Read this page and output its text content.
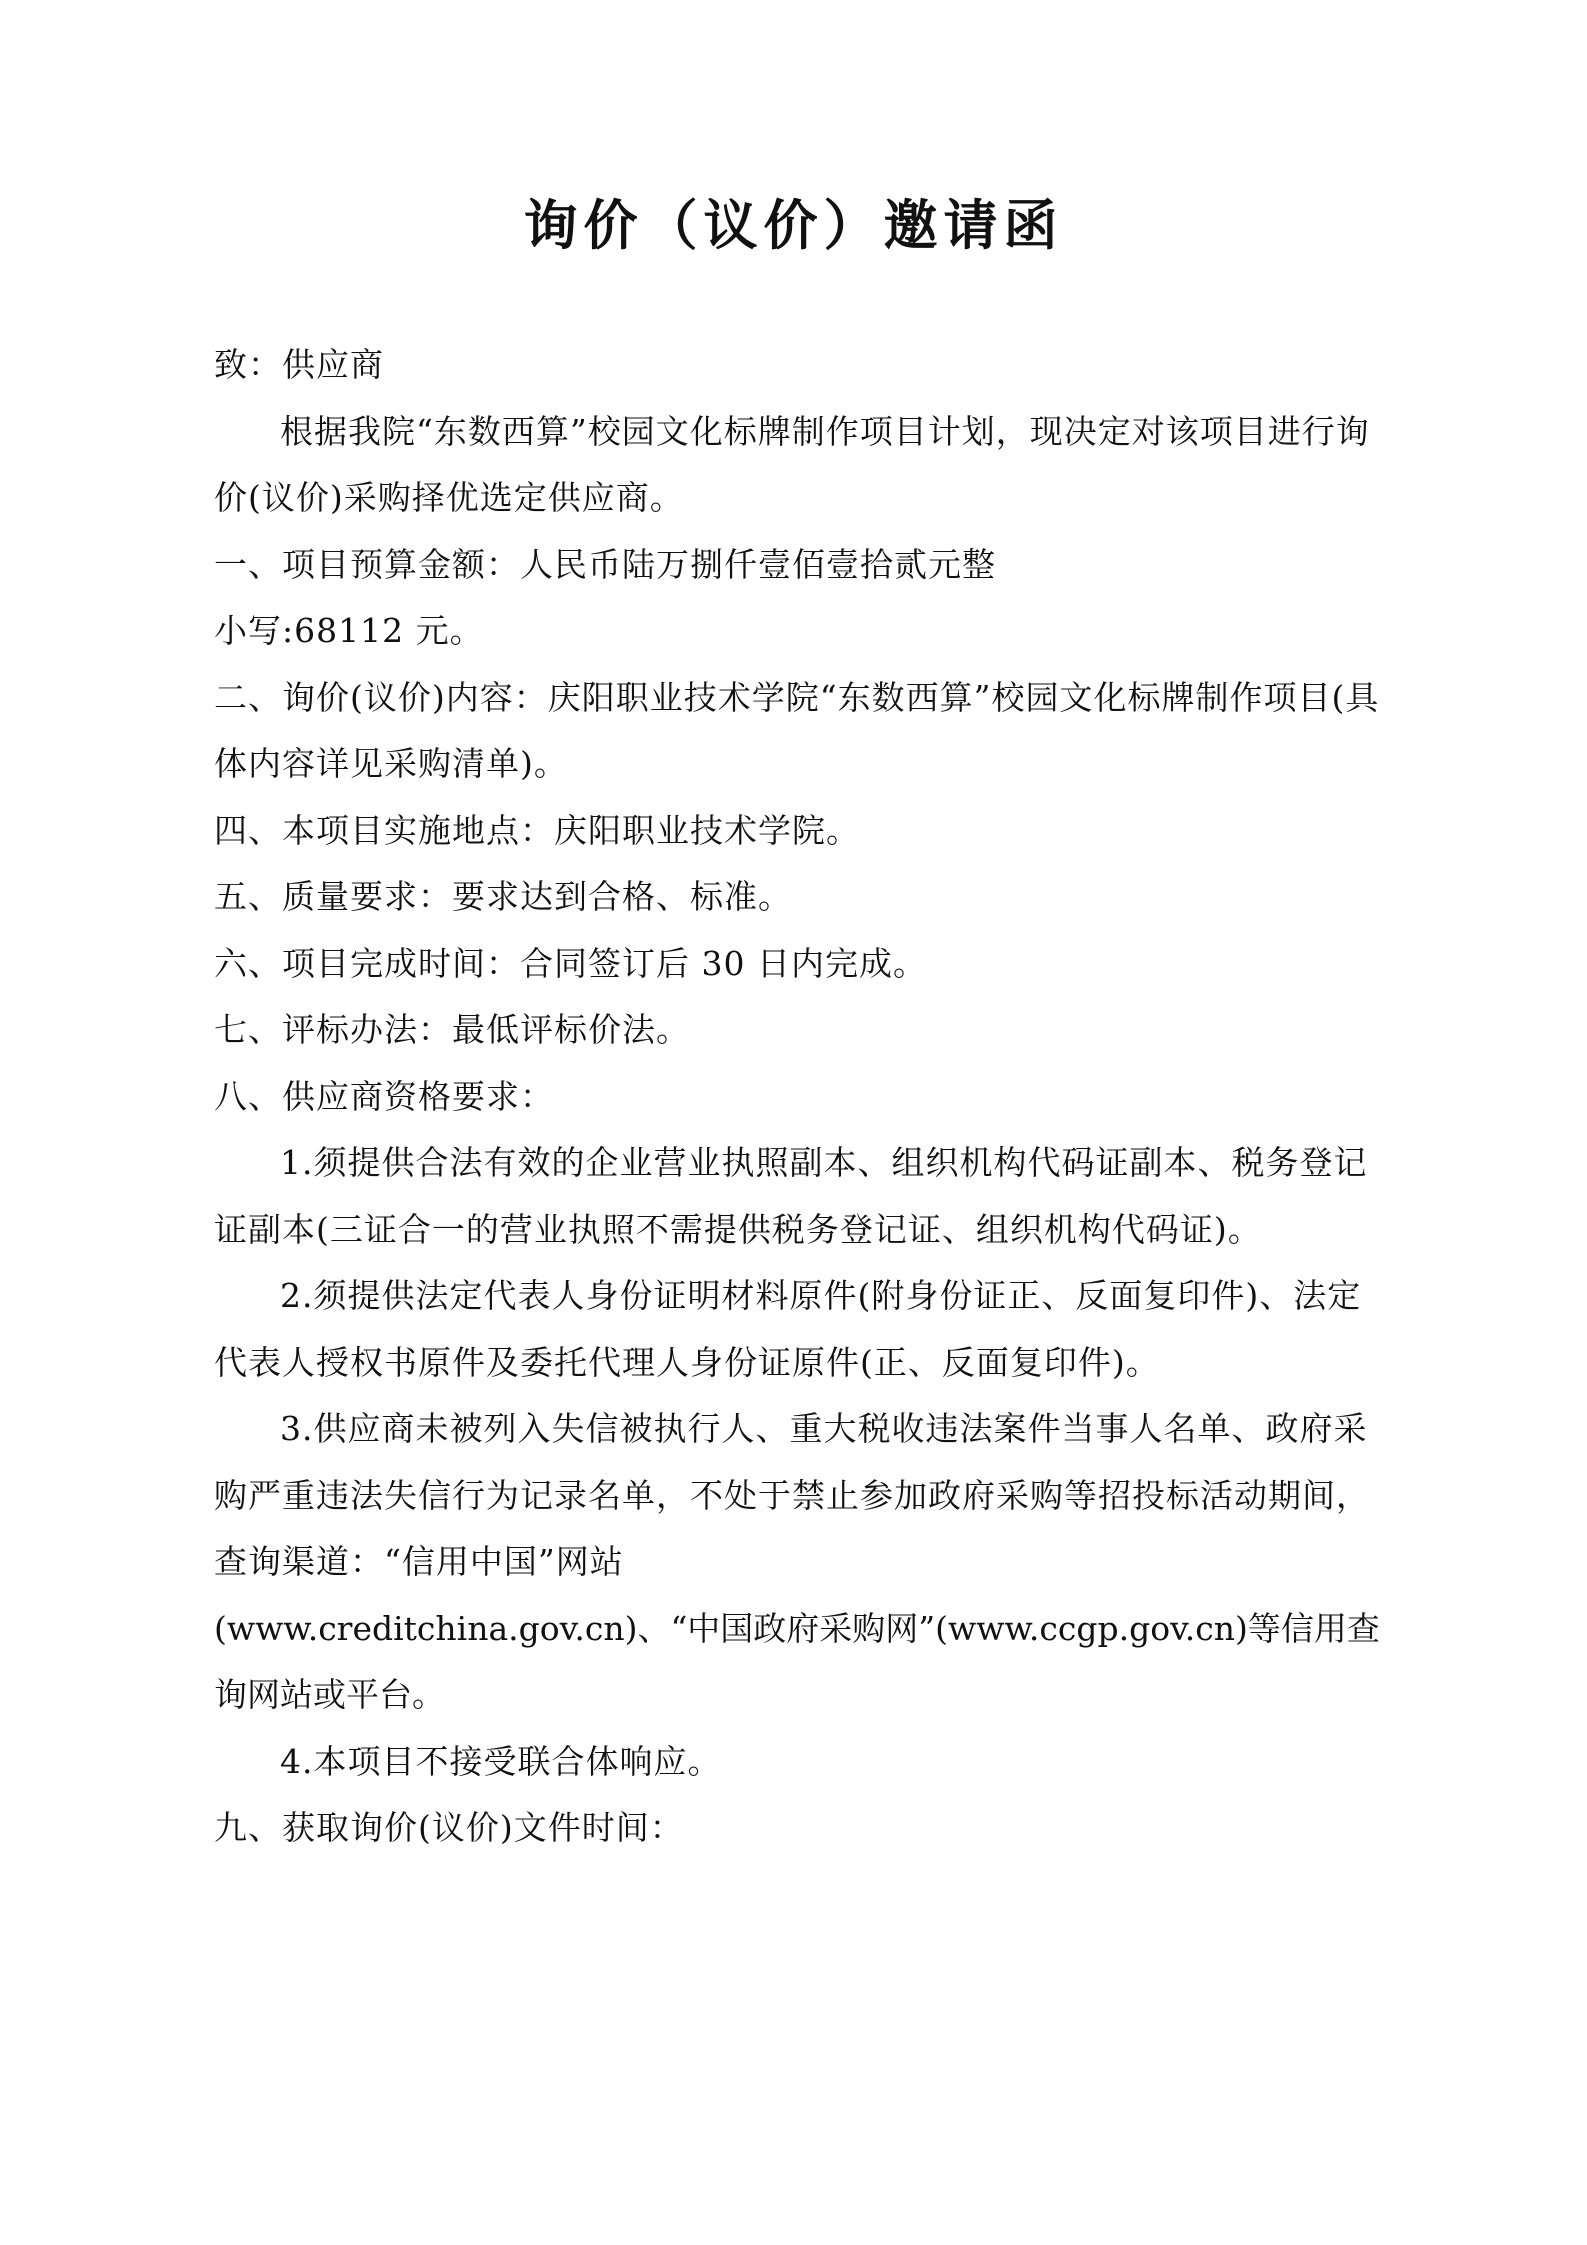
询价（议价）邀请函

致：供应商

根据我院“东数西算”校园文化标牌制作项目计划，现决定对该项目进行询价(议价)采购择优选定供应商。

一、项目预算金额：人民币陆万捌仟壹佰壹拾贰元整

小写:68112 元。

二、询价(议价)内容：庆阳职业技术学院“东数西算”校园文化标牌制作项目(具体内容详见采购清单)。

四、本项目实施地点：庆阳职业技术学院。

五、质量要求：要求达到合格、标准。

六、项目完成时间：合同签订后 30 日内完成。

七、评标办法：最低评标价法。

八、供应商资格要求：

1.须提供合法有效的企业营业执照副本、组织机构代码证副本、税务登记证副本(三证合一的营业执照不需提供税务登记证、组织机构代码证)。

2.须提供法定代表人身份证明材料原件(附身份证正、反面复印件)、法定代表人授权书原件及委托代理人身份证原件(正、反面复印件)。

3.供应商未被列入失信被执行人、重大税收违法案件当事人名单、政府采购严重违法失信行为记录名单，不处于禁止参加政府采购等招投标活动期间，查询渠道：“信用中国”网站

(www.creditchina.gov.cn)、“中国政府采购网”(www.ccgp.gov.cn)等信用查询网站或平台。

4.本项目不接受联合体响应。

九、获取询价(议价)文件时间：
